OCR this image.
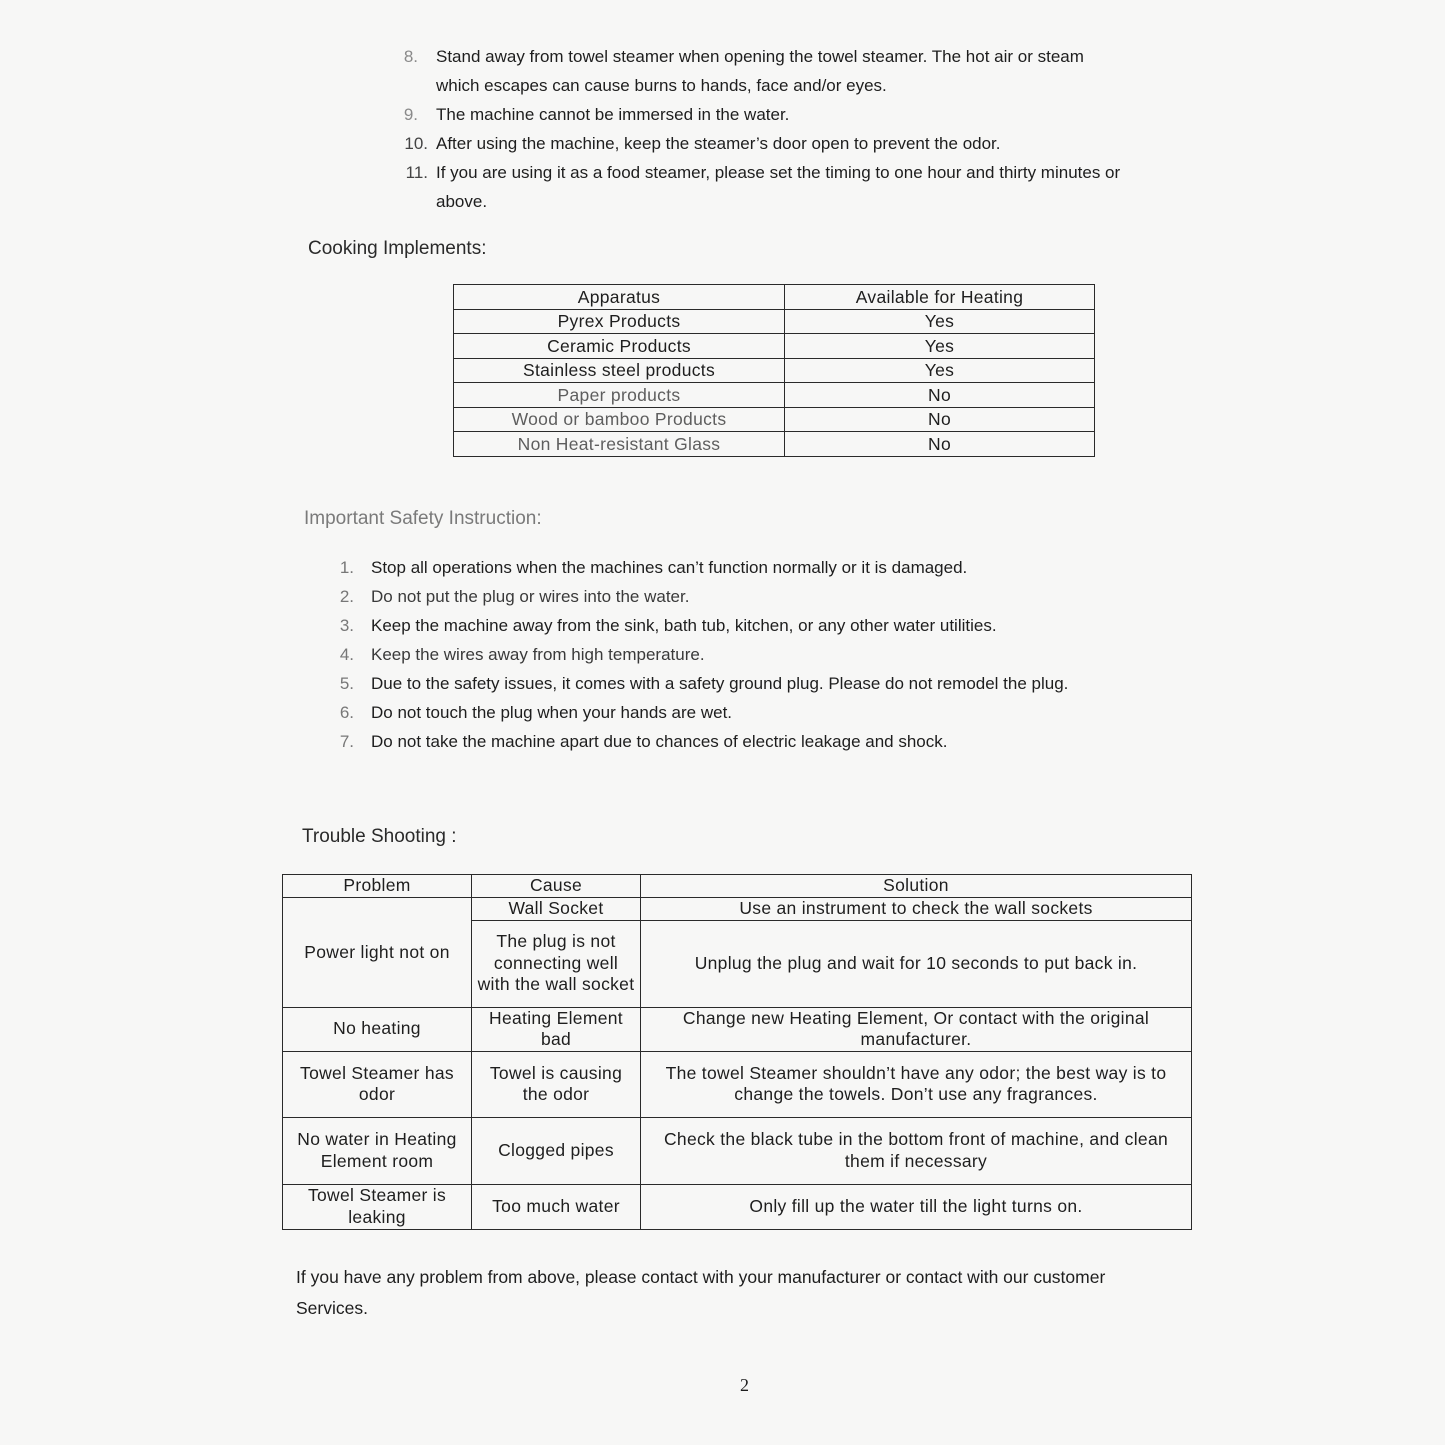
8. Stand away from towel steamer when opening the towel steamer. The hot air or steam which escapes can cause burns to hands, face and/or eyes.
9. The machine cannot be immersed in the water.
10. After using the machine, keep the steamer’s door open to prevent the odor.
11. If you are using it as a food steamer, please set the timing to one hour and thirty minutes or above.
Cooking Implements:
Apparatus	Available for Heating
Pyrex Products	Yes
Ceramic Products	Yes
Stainless steel products	Yes
Paper products	No
Wood or bamboo Products	No
Non Heat-resistant Glass	No
Important Safety Instruction:
1. Stop all operations when the machines can’t function normally or it is damaged.
2. Do not put the plug or wires into the water.
3. Keep the machine away from the sink, bath tub, kitchen, or any other water utilities.
4. Keep the wires away from high temperature.
5. Due to the safety issues, it comes with a safety ground plug. Please do not remodel the plug.
6. Do not touch the plug when your hands are wet.
7. Do not take the machine apart due to chances of electric leakage and shock.
Trouble Shooting :
Problem	Cause	Solution
Power light not on	Wall Socket	Use an instrument to check the wall sockets
	The plug is not connecting well with the wall socket	Unplug the plug and wait for 10 seconds to put back in.
No heating	Heating Element bad	Change new Heating Element, Or contact with the original manufacturer.
Towel Steamer has odor	Towel is causing the odor	The towel Steamer shouldn’t have any odor; the best way is to change the towels. Don’t use any fragrances.
No water in Heating Element room	Clogged pipes	Check the black tube in the bottom front of machine, and clean them if necessary
Towel Steamer is leaking	Too much water	Only fill up the water till the light turns on.
If you have any problem from above, please contact with your manufacturer or contact with our customer Services.
2
